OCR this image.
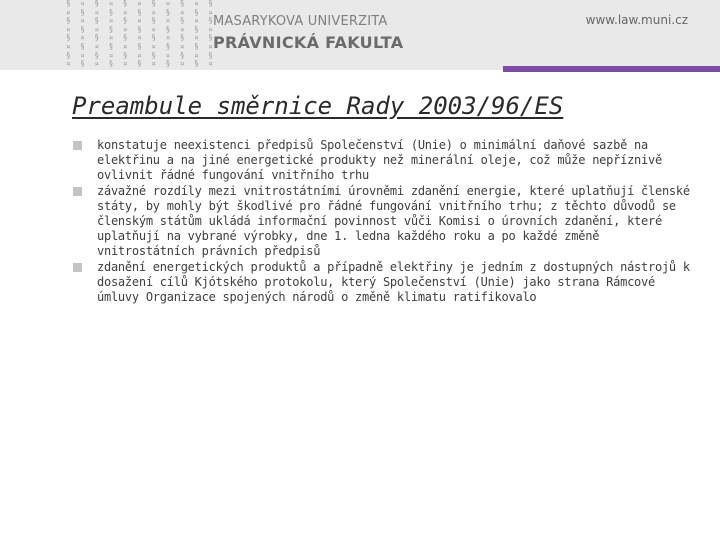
§ ¤ § ¤ § ¤ § ¤ § ¤ §
¤ § ¤ § ¤ § ¤ § ¤ § ¤
§ ¤ § ¤ § ¤ § ¤ § ¤ §
¤ § ¤ § ¤ § ¤ § ¤ § ¤
§ ¤ § ¤ § ¤ § ¤ § ¤ §
¤ § ¤ § ¤ § ¤ § ¤ § ¤
§ ¤ § ¤ § ¤ § ¤ § ¤ §
¤ § ¤ § ¤ § ¤ § ¤ § ¤
MASARYKOVA UNIVERZITA
PRÁVNICKÁ FAKULTA
www.law.muni.cz
Preambule směrnice Rady 2003/96/ES
konstatuje neexistenci předpisů Společenství (Unie) o minimální daňové sazbě na elektřinu a na jiné energetické produkty než minerální oleje, což může nepříznivě ovlivnit řádné fungování vnitřního trhu
závažné rozdíly mezi vnitrostátními úrovněmi zdanění energie, které uplatňují členské státy, by mohly být škodlivé pro řádné fungování vnitřního trhu; z těchto důvodů se členským státům ukládá informační povinnost vůči Komisi o úrovních zdanění, které uplatňují na vybrané výrobky, dne 1. ledna každého roku a po každé změně vnitrostátních právních předpisů
zdanění energetických produktů a případně elektřiny je jedním z dostupných nástrojů k dosažení cílů Kjótského protokolu, který Společenství (Unie) jako strana Rámcové úmluvy Organizace spojených národů o změně klimatu ratifikovalo
